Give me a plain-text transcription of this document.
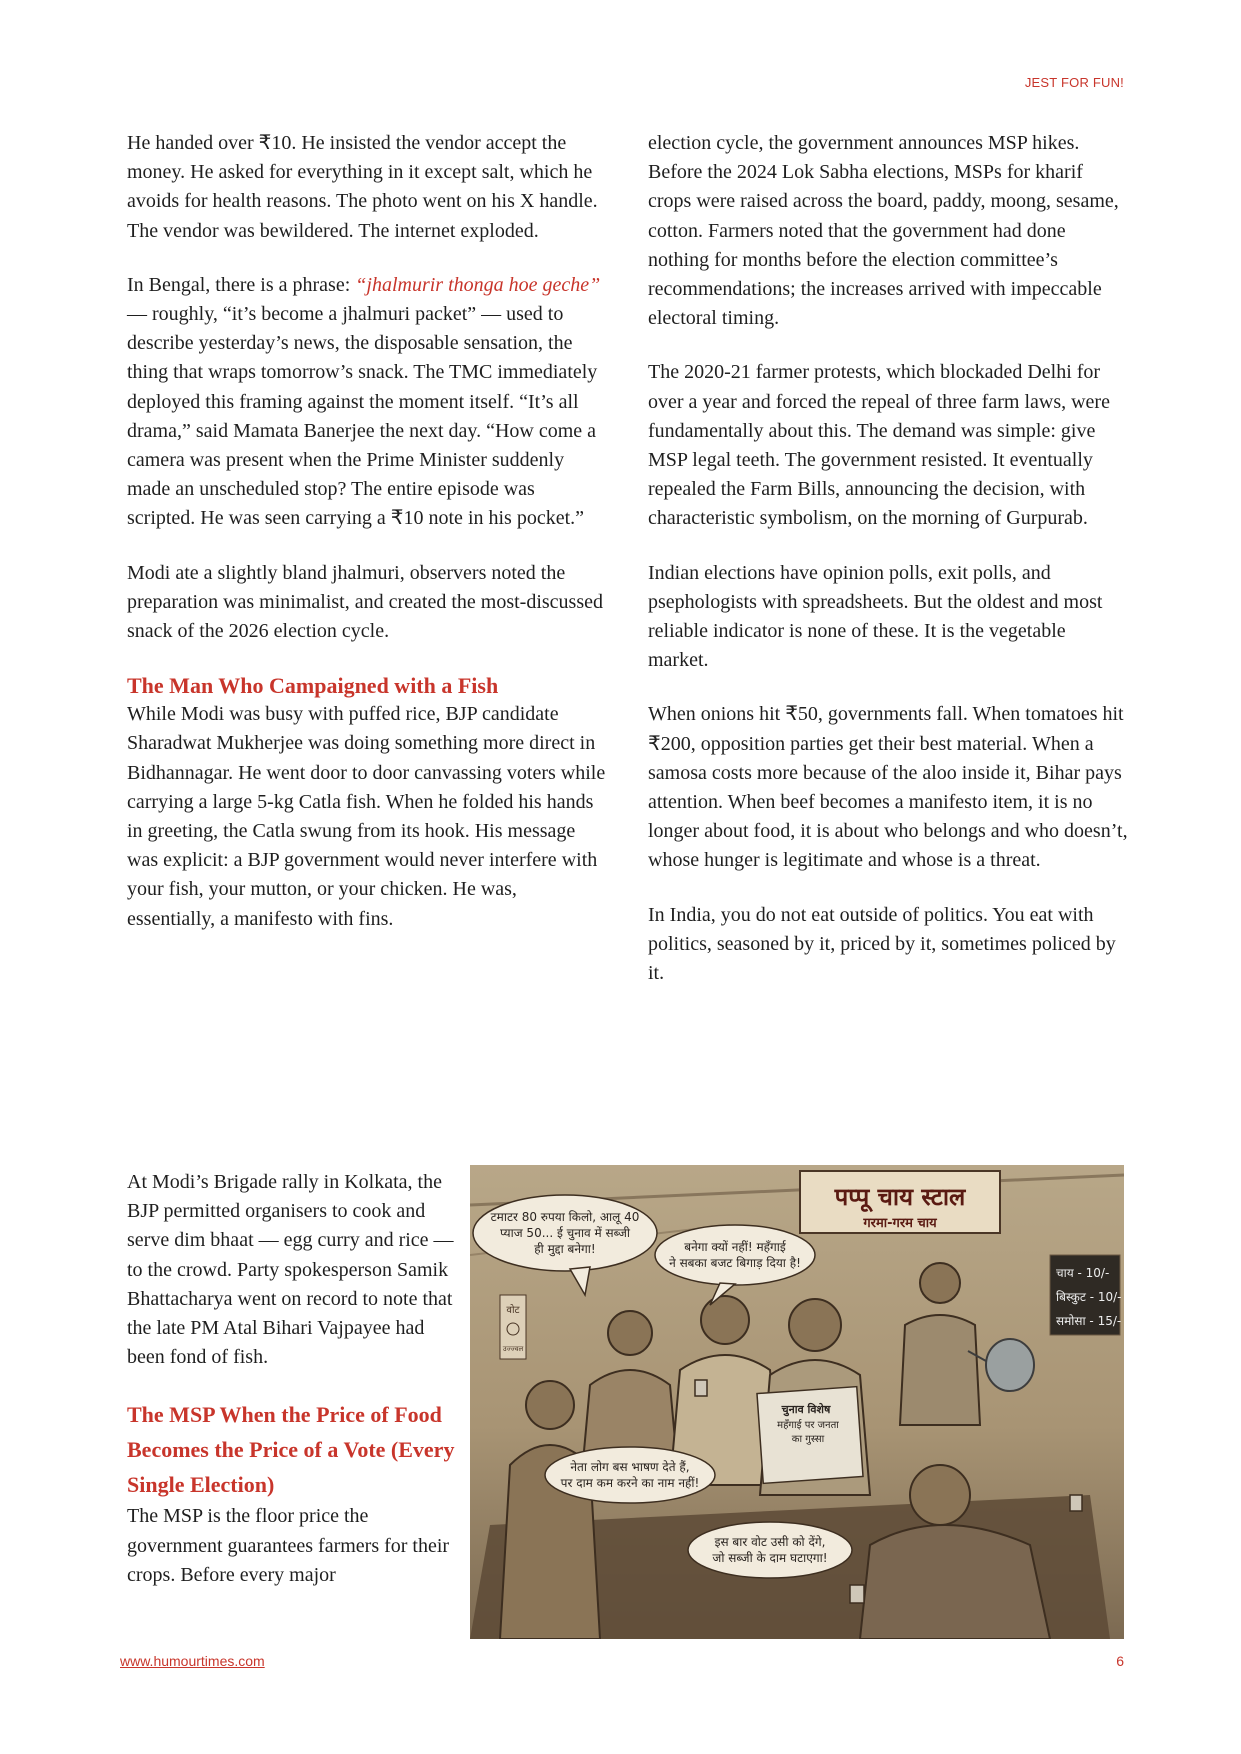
JEST FOR FUN!

He handed over ₹10. He insisted the vendor accept the money. He asked for everything in it except salt, which he avoids for health reasons. The photo went on his X handle. The vendor was bewildered. The internet exploded.

In Bengal, there is a phrase: “jhalmurir thonga hoe geche” — roughly, “it’s become a jhalmuri packet” — used to describe yesterday’s news, the disposable sensation, the thing that wraps tomorrow’s snack. The TMC immediately deployed this framing against the moment itself. “It’s all drama,” said Mamata Banerjee the next day. “How come a camera was present when the Prime Minister suddenly made an unscheduled stop? The entire episode was scripted. He was seen carrying a ₹10 note in his pocket.”

Modi ate a slightly bland jhalmuri, observers noted the preparation was minimalist, and created the most-discussed snack of the 2026 election cycle.

The Man Who Campaigned with a Fish

While Modi was busy with puffed rice, BJP candidate Sharadwat Mukherjee was doing something more direct in Bidhannagar. He went door to door canvassing voters while carrying a large 5-kg Catla fish. When he folded his hands in greeting, the Catla swung from its hook. His message was explicit: a BJP government would never interfere with your fish, your mutton, or your chicken. He was, essentially, a manifesto with fins.

At Modi’s Brigade rally in Kolkata, the BJP permitted organisers to cook and serve dim bhaat — egg curry and rice — to the crowd. Party spokesperson Samik Bhattacharya went on record to note that the late PM Atal Bihari Vajpayee had been fond of fish.

The MSP When the Price of Food Becomes the Price of a Vote (Every Single Election)

The MSP is the floor price the government guarantees farmers for their crops. Before every major

election cycle, the government announces MSP hikes. Before the 2024 Lok Sabha elections, MSPs for kharif crops were raised across the board, paddy, moong, sesame, cotton. Farmers noted that the government had done nothing for months before the election committee’s recommendations; the increases arrived with impeccable electoral timing.

The 2020-21 farmer protests, which blockaded Delhi for over a year and forced the repeal of three farm laws, were fundamentally about this. The demand was simple: give MSP legal teeth. The government resisted. It eventually repealed the Farm Bills, announcing the decision, with characteristic symbolism, on the morning of Gurpurab.

Indian elections have opinion polls, exit polls, and psephologists with spreadsheets. But the oldest and most reliable indicator is none of these. It is the vegetable market.

When onions hit ₹50, governments fall. When tomatoes hit ₹200, opposition parties get their best material. When a samosa costs more because of the aloo inside it, Bihar pays attention. When beef becomes a manifesto item, it is no longer about food, it is about who belongs and who doesn’t, whose hunger is legitimate and whose is a threat.

In India, you do not eat outside of politics. You eat with politics, seasoned by it, priced by it, sometimes policed by it.

पप्पू चाय स्टाल
गरमा-गरम चाय
चाय - 10/-
बिस्कुट - 10/-
समोसा - 15/-
वोट
उज्ज्वल
चुनाव विशेष
महँगाई पर जनता
का गुस्सा
टमाटर 80 रुपया किलो, आलू 40
प्याज 50... ई चुनाव में सब्जी
ही मुद्दा बनेगा!	बनेगा क्यों नहीं! महँगाई
ने सबका बजट बिगाड़ दिया है!
नेता लोग बस भाषण देते हैं,
पर दाम कम करने का नाम नहीं!
इस बार वोट उसी को देंगे,
जो सब्जी के दाम घटाएगा!
www.humourtimes.com	6
